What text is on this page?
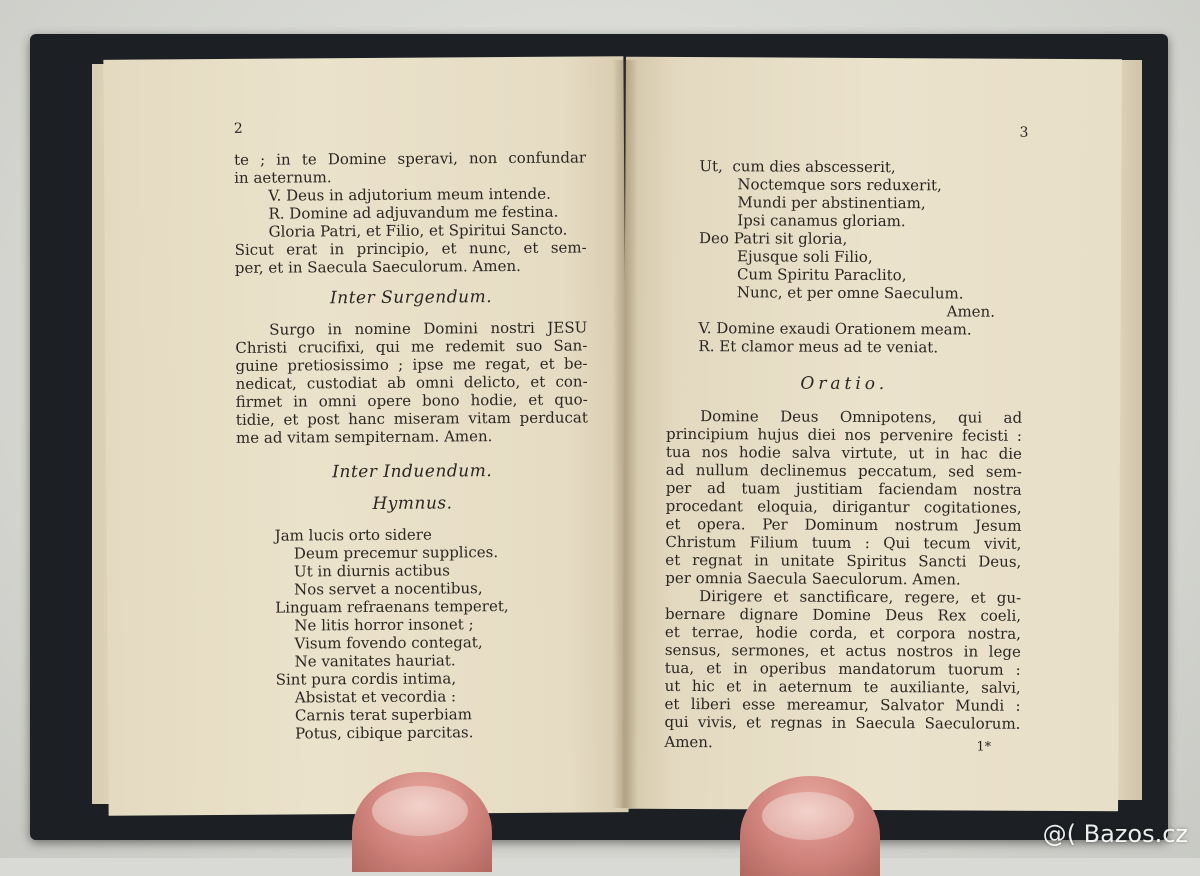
2
te ; in te Domine speravi, non confundar
in aeternum.
V. Deus in adjutorium meum intende.
R. Domine ad adjuvandum me festina.
Gloria Patri, et Filio, et Spiritui Sancto.
Sicut erat in principio, et nunc, et sem-
per, et in Saecula Saeculorum. Amen.
Inter Surgendum.
Surgo in nomine Domini nostri JESU
Christi crucifixi, qui me redemit suo San-
guine pretiosissimo ; ipse me regat, et be-
nedicat, custodiat ab omni delicto, et con-
firmet in omni opere bono hodie, et quo-
tidie, et post hanc miseram vitam perducat
me ad vitam sempiternam. Amen.
Inter Induendum.
Hymnus.
Jam lucis orto sidere
Deum precemur supplices.
Ut in diurnis actibus
Nos servet a nocentibus,
Linguam refraenans temperet,
Ne litis horror insonet ;
Visum fovendo contegat,
Ne vanitates hauriat.
Sint pura cordis intima,
Absistat et vecordia :
Carnis terat superbiam
Potus, cibique parcitas.
3
Ut,  cum dies abscesserit,
Noctemque sors reduxerit,
Mundi per abstinentiam,
Ipsi canamus gloriam.
Deo Patri sit gloria,
Ejusque soli Filio,
Cum Spiritu Paraclito,
Nunc, et per omne Saeculum.
Amen.
V. Domine exaudi Orationem meam.
R. Et clamor meus ad te veniat.
Oratio.
Domine Deus Omnipotens, qui ad
principium hujus diei nos pervenire fecisti :
tua nos hodie salva virtute, ut in hac die
ad nullum declinemus peccatum, sed sem-
per ad tuam justitiam faciendam nostra
procedant eloquia, dirigantur cogitationes,
et opera. Per Dominum nostrum Jesum
Christum Filium tuum : Qui tecum vivit,
et regnat in unitate Spiritus Sancti Deus,
per omnia Saecula Saeculorum. Amen.
Dirigere et sanctificare, regere, et gu-
bernare dignare Domine Deus Rex coeli,
et terrae, hodie corda, et corpora nostra,
sensus, sermones, et actus nostros in lege
tua, et in operibus mandatorum tuorum :
ut hic et in aeternum te auxiliante, salvi,
et liberi esse mereamur, Salvator Mundi :
qui vivis, et regnas in Saecula Saeculorum.
Amen.	1*
@( Bazos.cz
